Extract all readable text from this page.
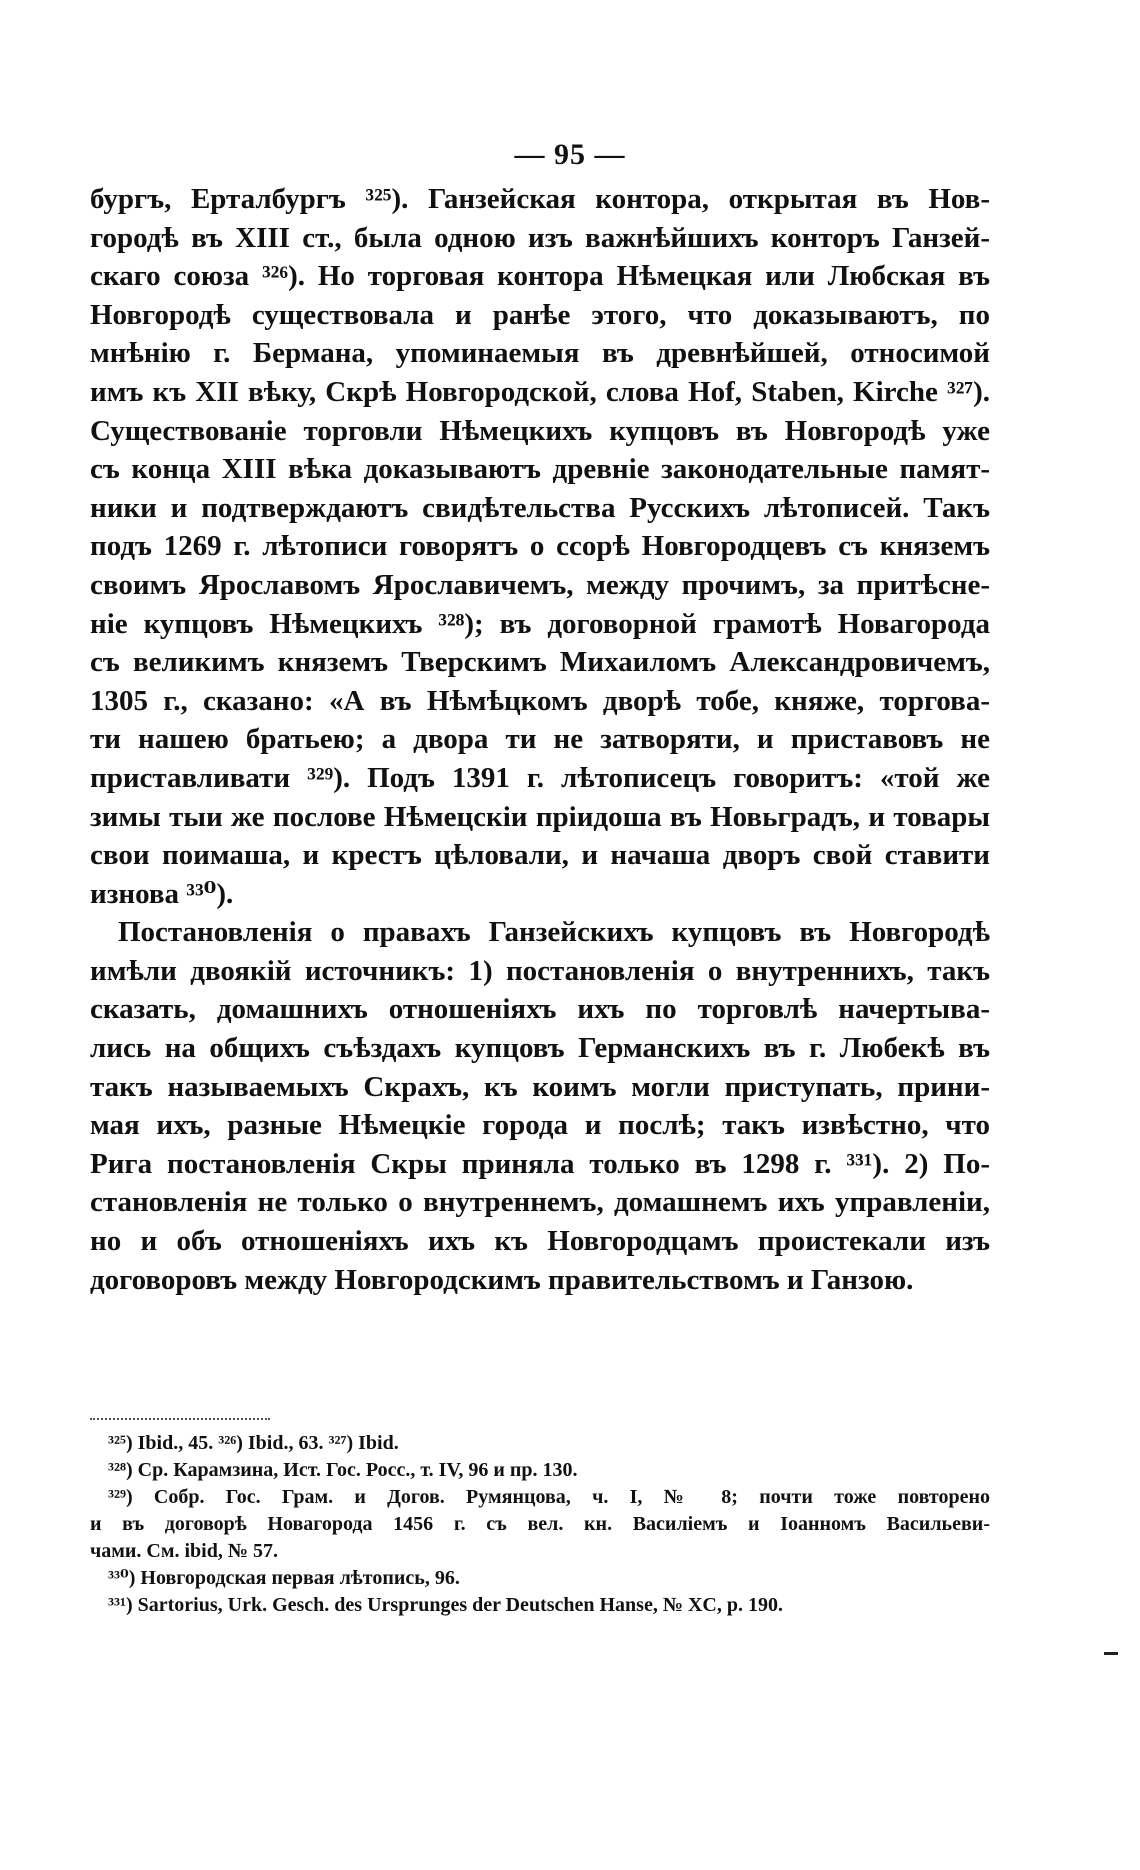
— 95 —
бургъ, Ерталбургъ ³²⁵). Ганзейская контора, открытая въ Нов-
городѣ въ XIII ст., была одною изъ важнѣйшихъ конторъ Ганзей-
скаго союза ³²⁶). Но торговая контора Нѣмецкая или Любская въ
Новгородѣ существовала и ранѣе этого, что доказываютъ, по
мнѣнію г. Бермана, упоминаемыя въ древнѣйшей, относимой
имъ къ XII вѣку, Скрѣ Новгородской, слова Hof, Staben, Kirche ³²⁷).
Существованіе торговли Нѣмецкихъ купцовъ въ Новгородѣ уже
съ конца XIII вѣка доказываютъ древніе законодательные памят-
ники и подтверждаютъ свидѣтельства Русскихъ лѣтописей. Такъ
подъ 1269 г. лѣтописи говорятъ о ссорѣ Новгородцевъ съ княземъ
своимъ Ярославомъ Ярославичемъ, между прочимъ, за притѣсне-
ніе купцовъ Нѣмецкихъ ³²⁸); въ договорной грамотѣ Новагорода
съ великимъ княземъ Тверскимъ Михаиломъ Александровичемъ,
1305 г., сказано: «А въ Нѣмѣцкомъ дворѣ тобе, княже, торгова-
ти нашею братьею; а двора ти не затворяти, и приставовъ не
приставливати ³²⁹). Подъ 1391 г. лѣтописецъ говоритъ: «той же
зимы тыи же послове Нѣмецскіи пріидоша въ Новьградъ, и товары
свои поимаша, и крестъ цѣловали, и начаша дворъ свой ставити
изнова ³³⁰).
Постановленія о правахъ Ганзейскихъ купцовъ въ Новгородѣ
имѣли двоякій источникъ: 1) постановленія о внутреннихъ, такъ
сказать, домашнихъ отношеніяхъ ихъ по торговлѣ начертыва-
лись на общихъ съѣздахъ купцовъ Германскихъ въ г. Любекѣ въ
такъ называемыхъ Скрахъ, къ коимъ могли приступать, прини-
мая ихъ, разные Нѣмецкіе города и послѣ; такъ извѣстно, что
Рига постановленія Скры приняла только въ 1298 г. ³³¹). 2) По-
становленія не только о внутреннемъ, домашнемъ ихъ управленіи,
но и объ отношеніяхъ ихъ къ Новгородцамъ проистекали изъ
договоровъ между Новгородскимъ правительствомъ и Ганзою.
³²⁵) Ibid., 45. ³²⁶) Ibid., 63. ³²⁷) Ibid.
³²⁸) Ср. Карамзина, Ист. Гос. Росс., т. IV, 96 и пр. 130.
³²⁹) Собр. Гос. Грам. и Догов. Румянцова, ч. I, № 8; почти тоже повторено
и въ договорѣ Новагорода 1456 г. съ вел. кн. Василіемъ и Іоанномъ Васильеви-
чами. См. ibid, № 57.
³³⁰) Новгородская первая лѣтопись, 96.
³³¹) Sartorius, Urk. Gesch. des Ursprunges der Deutschen Hanse, № XC, p. 190.
